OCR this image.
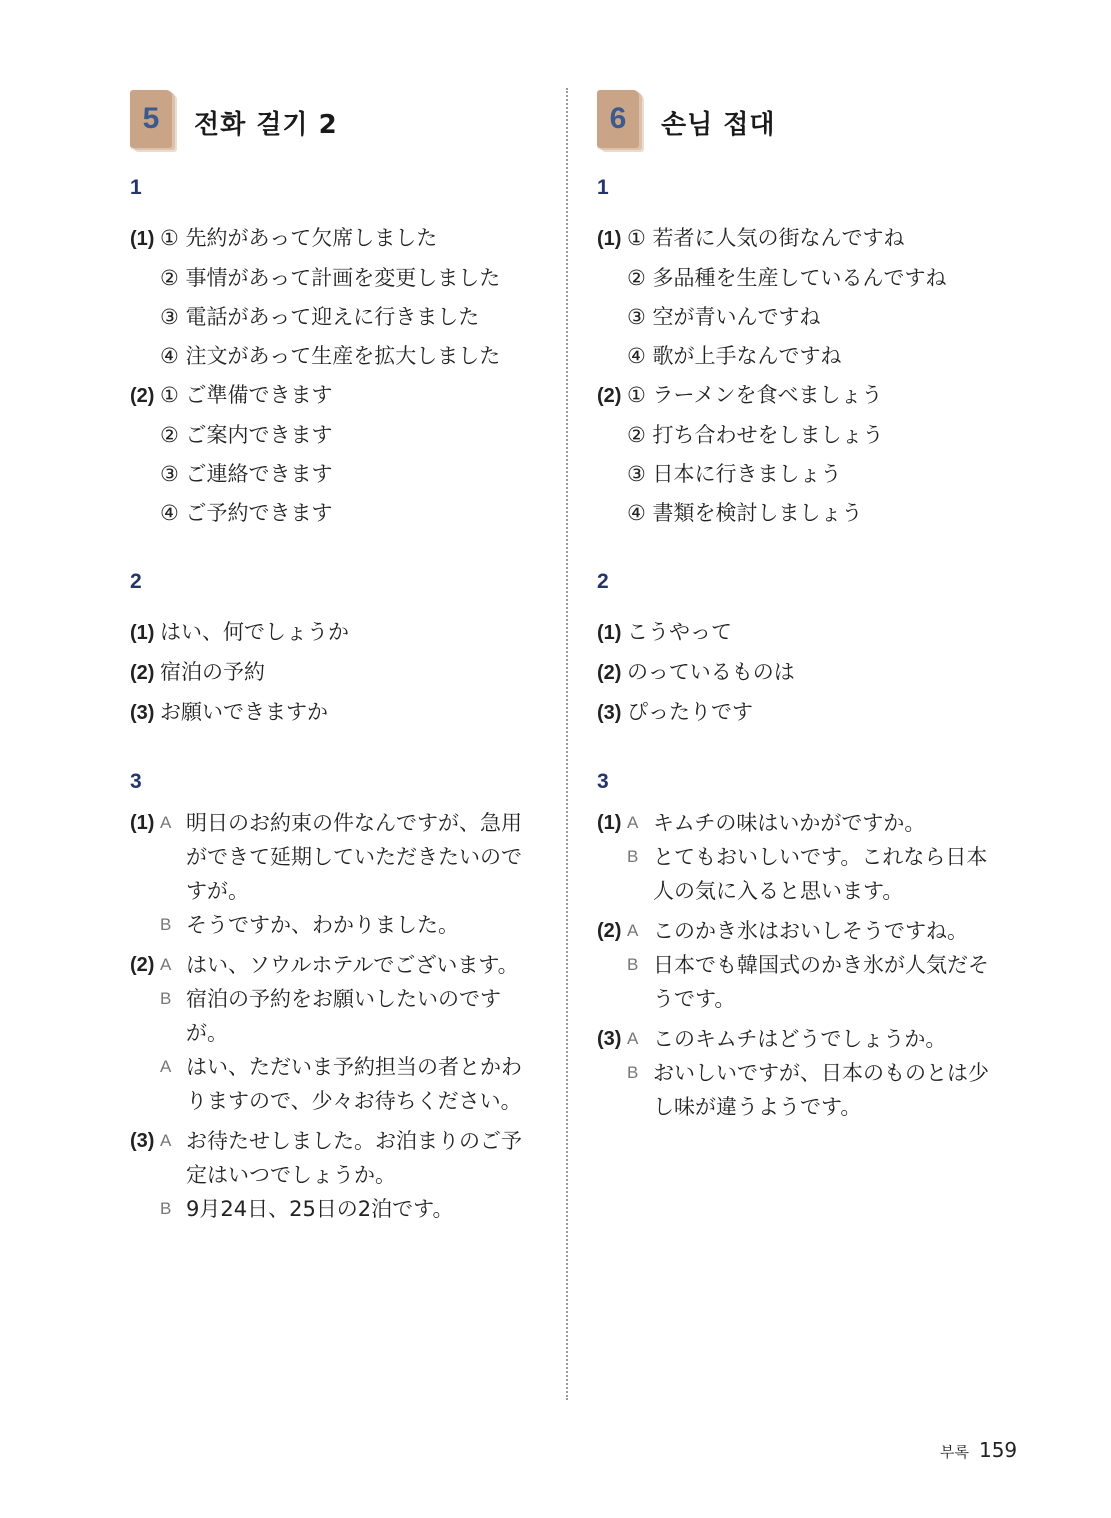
5 전화 걸기 2
1
(1) ① 先約があって欠席しました
② 事情があって計画を変更しました
③ 電話があって迎えに行きました
④ 注文があって生産を拡大しました
(2) ① ご準備できます
② ご案内できます
③ ご連絡できます
④ ご予約できます
2
(1) はい、何でしょうか
(2) 宿泊の予約
(3) お願いできますか
3
(1) A 明日のお約束の件なんですが、急用ができて延期していただきたいのですが。
B そうですか、わかりました。
(2) A はい、ソウルホテルでございます。
B 宿泊の予約をお願いしたいのですが。
A はい、ただいま予約担当の者とかわりますので、少々お待ちください。
(3) A お待たせしました。お泊まりのご予定はいつでしょうか。
B 9月24日、25日の2泊です。
6 손님 접대
1
(1) ① 若者に人気の街なんですね
② 多品種を生産しているんですね
③ 空が青いんですね
④ 歌が上手なんですね
(2) ① ラーメンを食べましょう
② 打ち合わせをしましょう
③ 日本に行きましょう
④ 書類を検討しましょう
2
(1) こうやって
(2) のっているものは
(3) ぴったりです
3
(1) A キムチの味はいかがですか。
B とてもおいしいです。これなら日本人の気に入ると思います。
(2) A このかき氷はおいしそうですね。
B 日本でも韓国式のかき氷が人気だそうです。
(3) A このキムチはどうでしょうか。
B おいしいですが、日本のものとは少し味が違うようです。
부록 159
